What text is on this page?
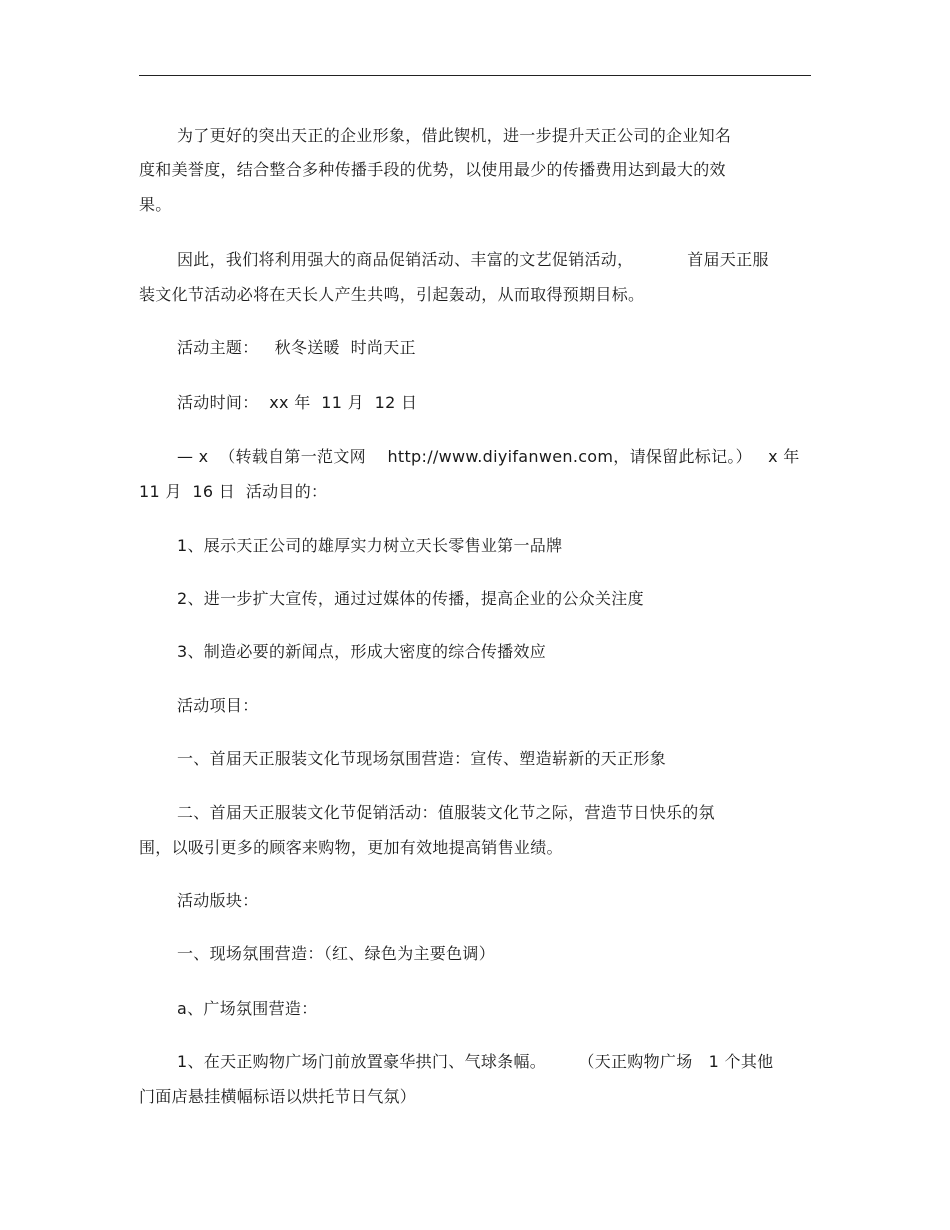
为了更好的突出天正的企业形象，借此锲机，进一步提升天正公司的企业知名
度和美誉度，结合整合多种传播手段的优势，以使用最少的传播费用达到最大的效
果。
因此，我们将利用强大的商品促销活动、丰富的文艺促销活动，          首届天正服
装文化节活动必将在天长人产生共鸣，引起轰动，从而取得预期目标。
活动主题：   秋冬送暖  时尚天正
活动时间：  xx 年  11 月  12 日
— x  （转载自第一范文网    http://www.diyifanwen.com，请保留此标记。）   x 年
11 月  16 日  活动目的：
1、展示天正公司的雄厚实力树立天长零售业第一品牌
2、进一步扩大宣传，通过过媒体的传播，提高企业的公众关注度
3、制造必要的新闻点，形成大密度的综合传播效应
活动项目：
一、首届天正服装文化节现场氛围营造：宣传、塑造崭新的天正形象
二、首届天正服装文化节促销活动：值服装文化节之际，营造节日快乐的氛
围，以吸引更多的顾客来购物，更加有效地提高销售业绩。
活动版块：
一、现场氛围营造：（红、绿色为主要色调）
a、广场氛围营造：
1、在天正购物广场门前放置豪华拱门、气球条幅。      （天正购物广场   1 个其他
门面店悬挂横幅标语以烘托节日气氛）
